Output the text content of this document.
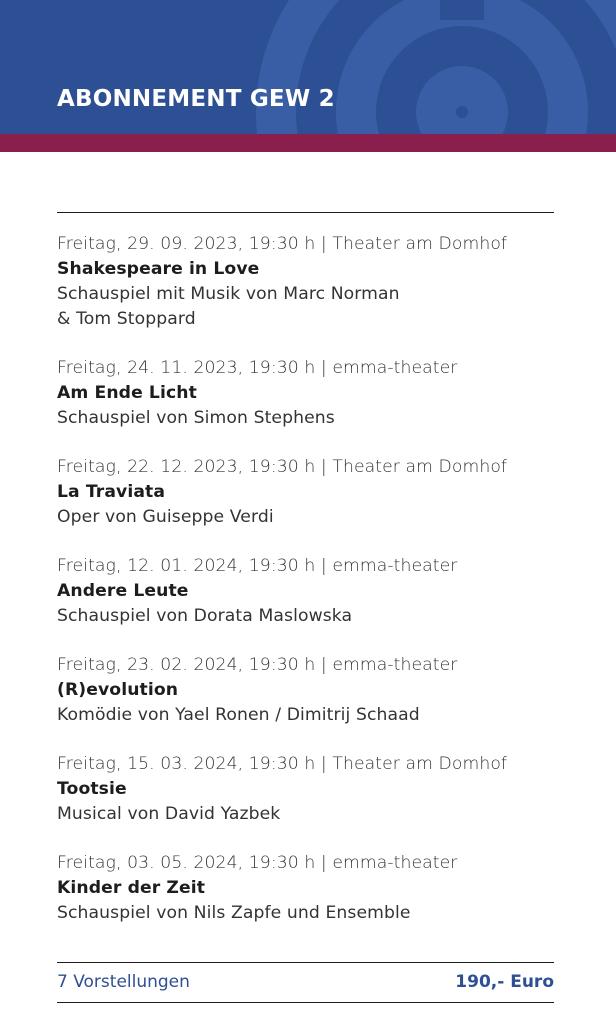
ABONNEMENT GEW 2
Freitag, 29. 09. 2023, 19:30 h | Theater am Domhof
Shakespeare in Love
Schauspiel mit Musik von Marc Norman
& Tom Stoppard
Freitag, 24. 11. 2023, 19:30 h | emma-theater
Am Ende Licht
Schauspiel von Simon Stephens
Freitag, 22. 12. 2023, 19:30 h | Theater am Domhof
La Traviata
Oper von Guiseppe Verdi
Freitag, 12. 01. 2024, 19:30 h | emma-theater
Andere Leute
Schauspiel von Dorata Maslowska
Freitag, 23. 02. 2024, 19:30 h | emma-theater
(R)evolution
Komödie von Yael Ronen / Dimitrij Schaad
Freitag, 15. 03. 2024, 19:30 h | Theater am Domhof
Tootsie
Musical von David Yazbek
Freitag, 03. 05. 2024, 19:30 h | emma-theater
Kinder der Zeit
Schauspiel von Nils Zapfe und Ensemble
7 Vorstellungen	190,- Euro
